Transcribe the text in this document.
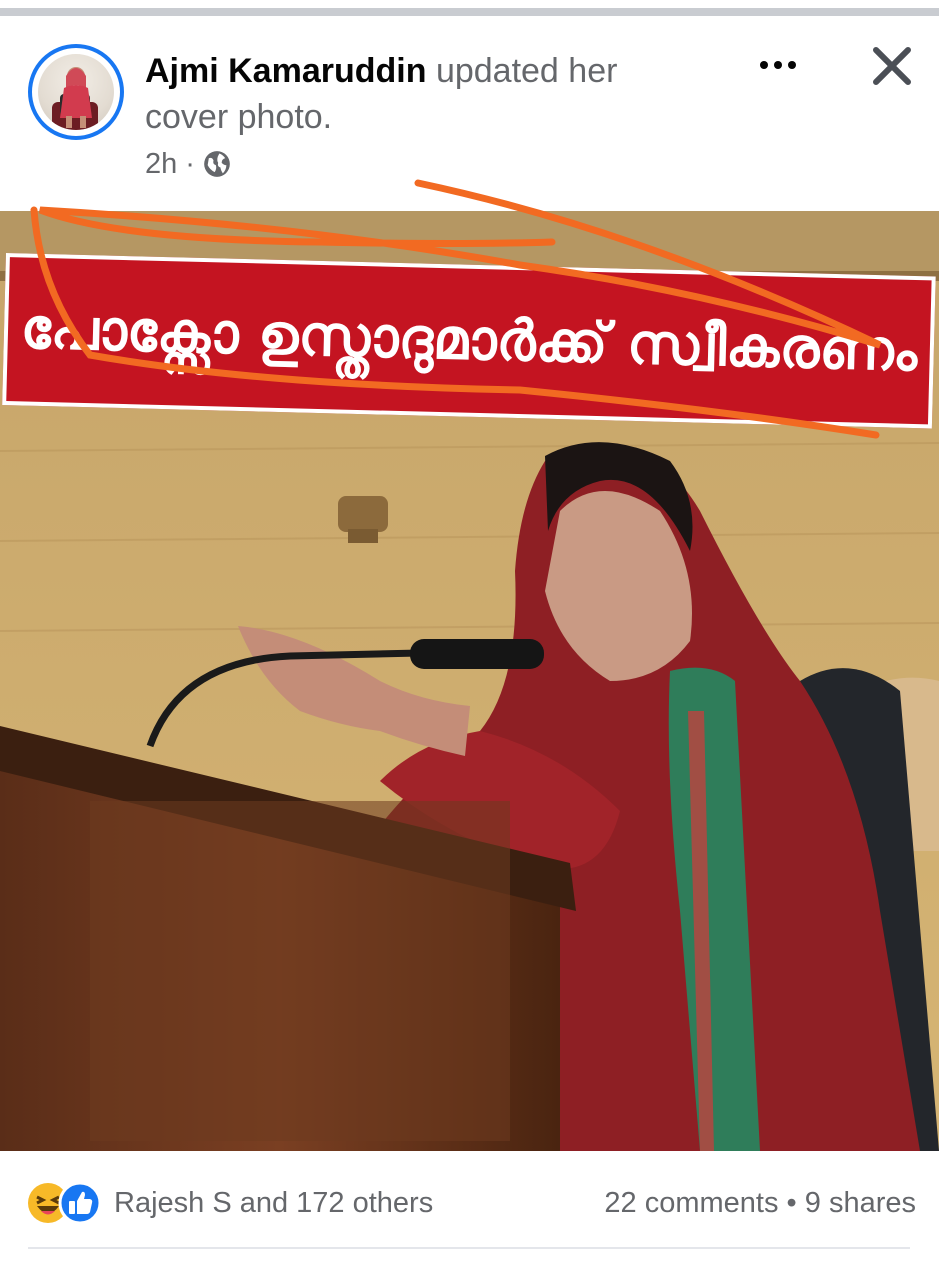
Ajmi Kamaruddin updated her cover photo.
2h ·
പോക്സോ ഉസ്താദുമാർക്ക് സ്വീകരണം
Rajesh S and 172 others	22 comments • 9 shares
